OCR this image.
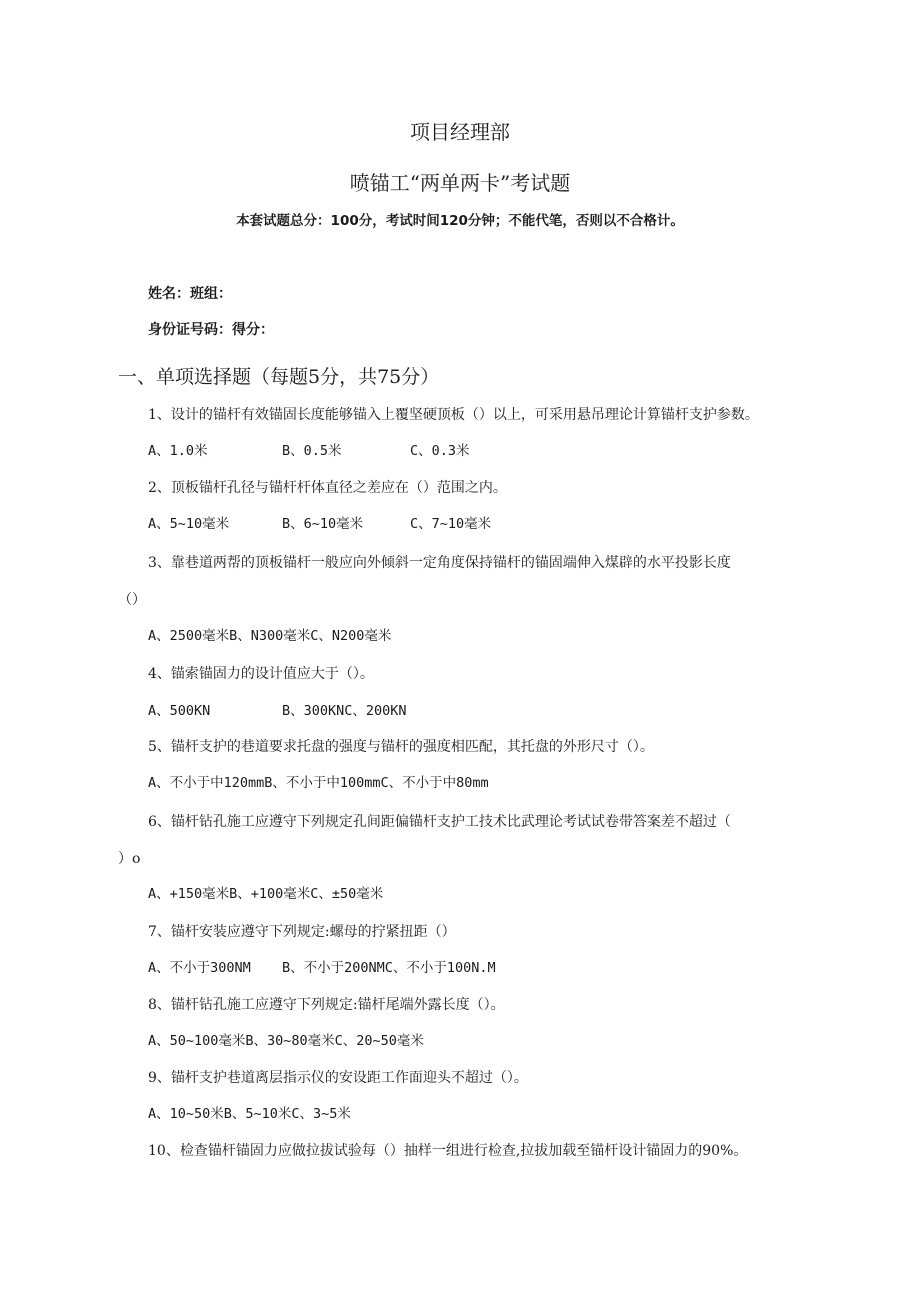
项目经理部

喷锚工“两单两卡”考试题

本套试题总分：100分，考试时间120分钟；不能代笔，否则以不合格计。

姓名：班组：

身份证号码：得分：

一、单项选择题（每题5分，共75分）

1、设计的锚杆有效锚固长度能够锚入上覆坚硬顶板（）以上，可采用悬吊理论计算锚杆支护参数。

A、1.0米	B、0.5米	C、0.3米

2、顶板锚杆孔径与锚杆杆体直径之差应在（）范围之内。

A、5~10毫米	B、6~10毫米	C、7~10毫米

3、靠巷道两帮的顶板锚杆一般应向外倾斜一定角度保持锚杆的锚固端伸入煤辟的水平投影长度

（）

A、2500毫米B、N300毫米C、N200毫米

4、锚索锚固力的设计值应大于（）。

A、500KN	B、300KNC、200KN

5、锚杆支护的巷道要求托盘的强度与锚杆的强度相匹配，其托盘的外形尺寸（）。

A、不小于中120mmB、不小于中100mmC、不小于中80mm

6、锚杆钻孔施工应遵守下列规定孔间距偏锚杆支护工技术比武理论考试试卷带答案差不超过（

）o

A、+150毫米B、+100毫米C、±50毫米

7、锚杆安装应遵守下列规定:螺母的拧紧扭距（）

A、不小于300NM B、不小于200NMC、不小于100N.M

8、锚杆钻孔施工应遵守下列规定:锚杆尾端外露长度（）。

A、50~100毫米B、30~80毫米C、20~50毫米

9、锚杆支护巷道离层指示仪的安设距工作面迎头不超过（）。

A、10~50米B、5~10米C、3~5米

10、检查锚杆锚固力应做拉拔试验每（）抽样一组进行检查,拉拔加载至锚杆设计锚固力的90%。
